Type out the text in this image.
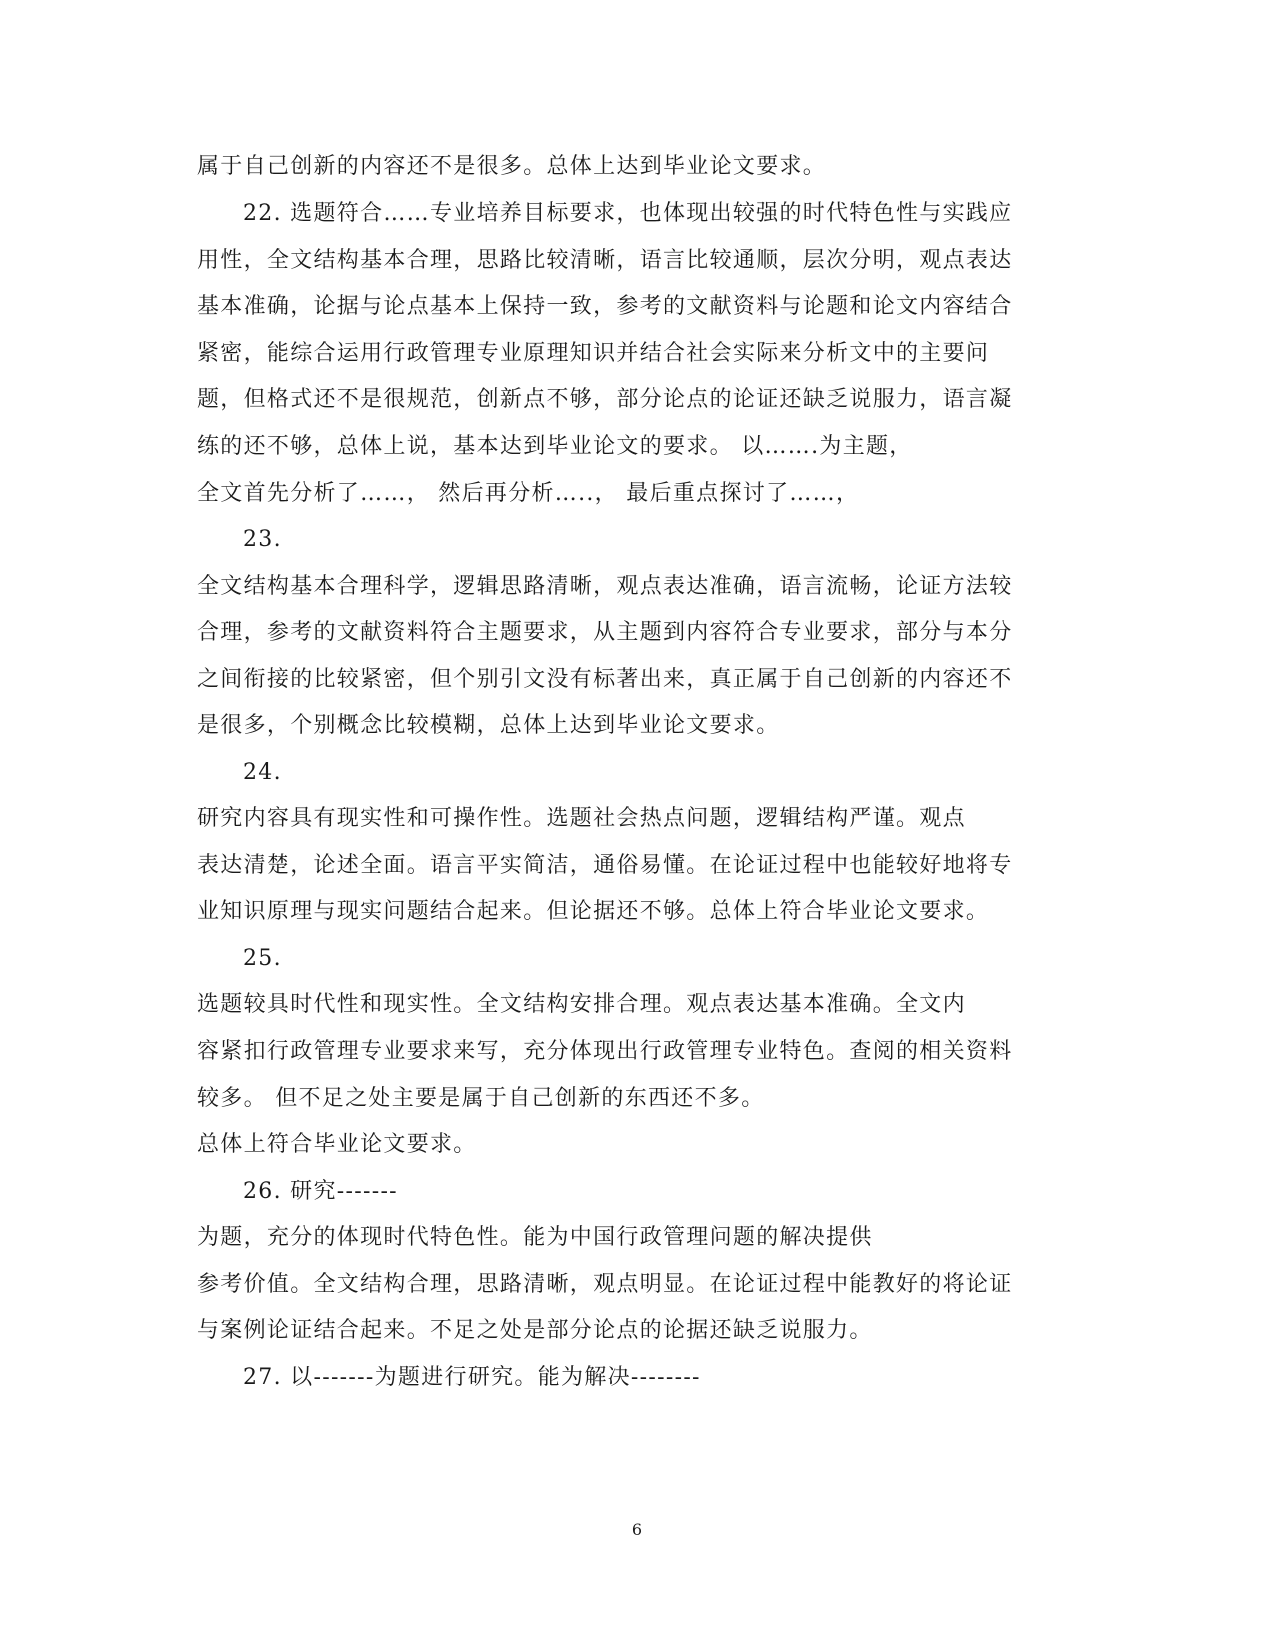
属于自己创新的内容还不是很多。总体上达到毕业论文要求。
22. 选题符合……专业培养目标要求，也体现出较强的时代特色性与实践应
用性，全文结构基本合理，思路比较清晰，语言比较通顺，层次分明，观点表达
基本准确，论据与论点基本上保持一致，参考的文献资料与论题和论文内容结合
紧密，能综合运用行政管理专业原理知识并结合社会实际来分析文中的主要问
题，但格式还不是很规范，创新点不够，部分论点的论证还缺乏说服力，语言凝
练的还不够，总体上说，基本达到毕业论文的要求。 以…….为主题，
全文首先分析了……， 然后再分析…..， 最后重点探讨了……，
23.
全文结构基本合理科学，逻辑思路清晰，观点表达准确，语言流畅，论证方法较
合理，参考的文献资料符合主题要求，从主题到内容符合专业要求，部分与本分
之间衔接的比较紧密，但个别引文没有标著出来，真正属于自己创新的内容还不
是很多，个别概念比较模糊，总体上达到毕业论文要求。
24.
研究内容具有现实性和可操作性。选题社会热点问题，逻辑结构严谨。观点
表达清楚，论述全面。语言平实简洁，通俗易懂。在论证过程中也能较好地将专
业知识原理与现实问题结合起来。但论据还不够。总体上符合毕业论文要求。
25.
选题较具时代性和现实性。全文结构安排合理。观点表达基本准确。全文内
容紧扣行政管理专业要求来写，充分体现出行政管理专业特色。查阅的相关资料
较多。 但不足之处主要是属于自己创新的东西还不多。
总体上符合毕业论文要求。
26. 研究-------
为题，充分的体现时代特色性。能为中国行政管理问题的解决提供
参考价值。全文结构合理，思路清晰，观点明显。在论证过程中能教好的将论证
与案例论证结合起来。不足之处是部分论点的论据还缺乏说服力。
27. 以-------为题进行研究。能为解决--------
6
